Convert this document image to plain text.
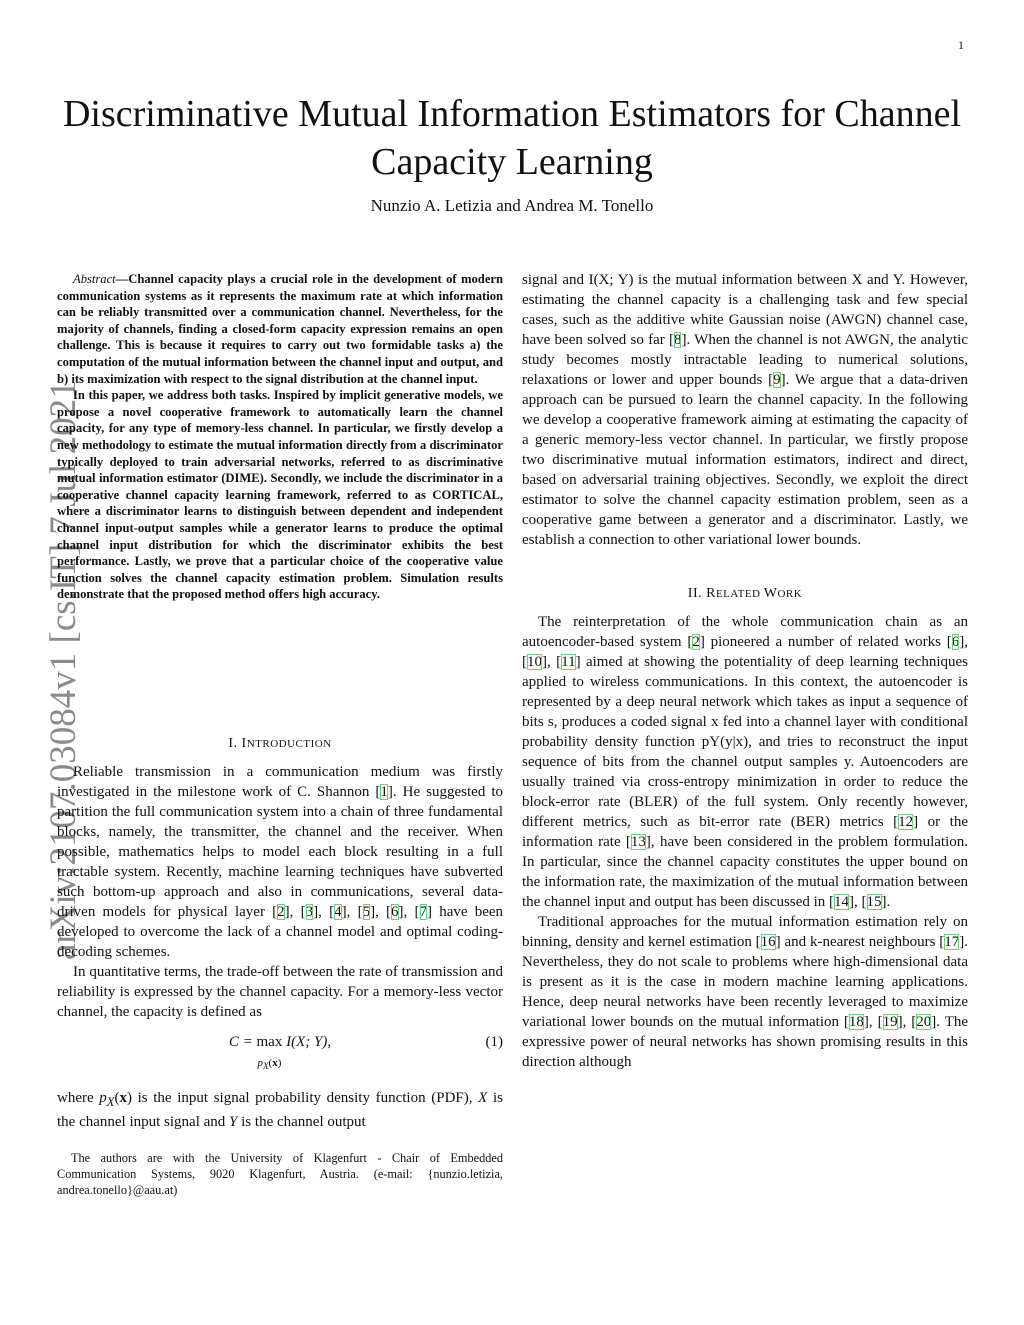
1
Discriminative Mutual Information Estimators for Channel Capacity Learning
Nunzio A. Letizia and Andrea M. Tonello
arXiv:2107.03084v1 [cs.IT] 7 Jul 2021

Abstract—Channel capacity plays a crucial role in the development of modern communication systems as it represents the maximum rate at which information can be reliably transmitted over a communication channel. Nevertheless, for the majority of channels, finding a closed-form capacity expression remains an open challenge. This is because it requires to carry out two formidable tasks a) the computation of the mutual information between the channel input and output, and b) its maximization with respect to the signal distribution at the channel input.

In this paper, we address both tasks. Inspired by implicit generative models, we propose a novel cooperative framework to automatically learn the channel capacity, for any type of memory-less channel. In particular, we firstly develop a new methodology to estimate the mutual information directly from a discriminator typically deployed to train adversarial networks, referred to as discriminative mutual information estimator (DIME). Secondly, we include the discriminator in a cooperative channel capacity learning framework, referred to as CORTICAL, where a discriminator learns to distinguish between dependent and independent channel input-output samples while a generator learns to produce the optimal channel input distribution for which the discriminator exhibits the best performance. Lastly, we prove that a particular choice of the cooperative value function solves the channel capacity estimation problem. Simulation results demonstrate that the proposed method offers high accuracy.

I. INTRODUCTION

Reliable transmission in a communication medium was firstly investigated in the milestone work of C. Shannon [1]. He suggested to partition the full communication system into a chain of three fundamental blocks, namely, the transmitter, the channel and the receiver. When possible, mathematics helps to model each block resulting in a full tractable system. Recently, machine learning techniques have subverted such bottom-up approach and also in communications, several data-driven models for physical layer [2], [3], [4], [5], [6], [7] have been developed to overcome the lack of a channel model and optimal coding-decoding schemes.

In quantitative terms, the trade-off between the rate of transmission and reliability is expressed by the channel capacity. For a memory-less vector channel, the capacity is defined as

C = max
$p_X(x)$ I(X; Y),	(1)

where $p_X(x)$ is the input signal probability density function (PDF), X is the channel input signal and Y is the channel output

The authors are with the University of Klagenfurt - Chair of Embedded Communication Systems, 9020 Klagenfurt, Austria. (e-mail: {nunzio.letizia, andrea.tonello}@aau.at)

signal and I(X; Y) is the mutual information between X and Y. However, estimating the channel capacity is a challenging task and few special cases, such as the additive white Gaussian noise (AWGN) channel case, have been solved so far [8]. When the channel is not AWGN, the analytic study becomes mostly intractable leading to numerical solutions, relaxations or lower and upper bounds [9]. We argue that a data-driven approach can be pursued to learn the channel capacity. In the following we develop a cooperative framework aiming at estimating the capacity of a generic memory-less vector channel. In particular, we firstly propose two discriminative mutual information estimators, indirect and direct, based on adversarial training objectives. Secondly, we exploit the direct estimator to solve the channel capacity estimation problem, seen as a cooperative game between a generator and a discriminator. Lastly, we establish a connection to other variational lower bounds.

II. RELATED WORK

The reinterpretation of the whole communication chain as an autoencoder-based system [2] pioneered a number of related works [6], [10], [11] aimed at showing the potentiality of deep learning techniques applied to wireless communications. In this context, the autoencoder is represented by a deep neural network which takes as input a sequence of bits s, produces a coded signal x fed into a channel layer with conditional probability density function pY(y|x), and tries to reconstruct the input sequence of bits from the channel output samples y. Autoencoders are usually trained via cross-entropy minimization in order to reduce the block-error rate (BLER) of the full system. Only recently however, different metrics, such as bit-error rate (BER) metrics [12] or the information rate [13], have been considered in the problem formulation. In particular, since the channel capacity constitutes the upper bound on the information rate, the maximization of the mutual information between the channel input and output has been discussed in [14], [15].

Traditional approaches for the mutual information estimation rely on binning, density and kernel estimation [16] and k-nearest neighbours [17]. Nevertheless, they do not scale to problems where high-dimensional data is present as it is the case in modern machine learning applications. Hence, deep neural networks have been recently leveraged to maximize variational lower bounds on the mutual information [18], [19], [20]. The expressive power of neural networks has shown promising results in this direction although
